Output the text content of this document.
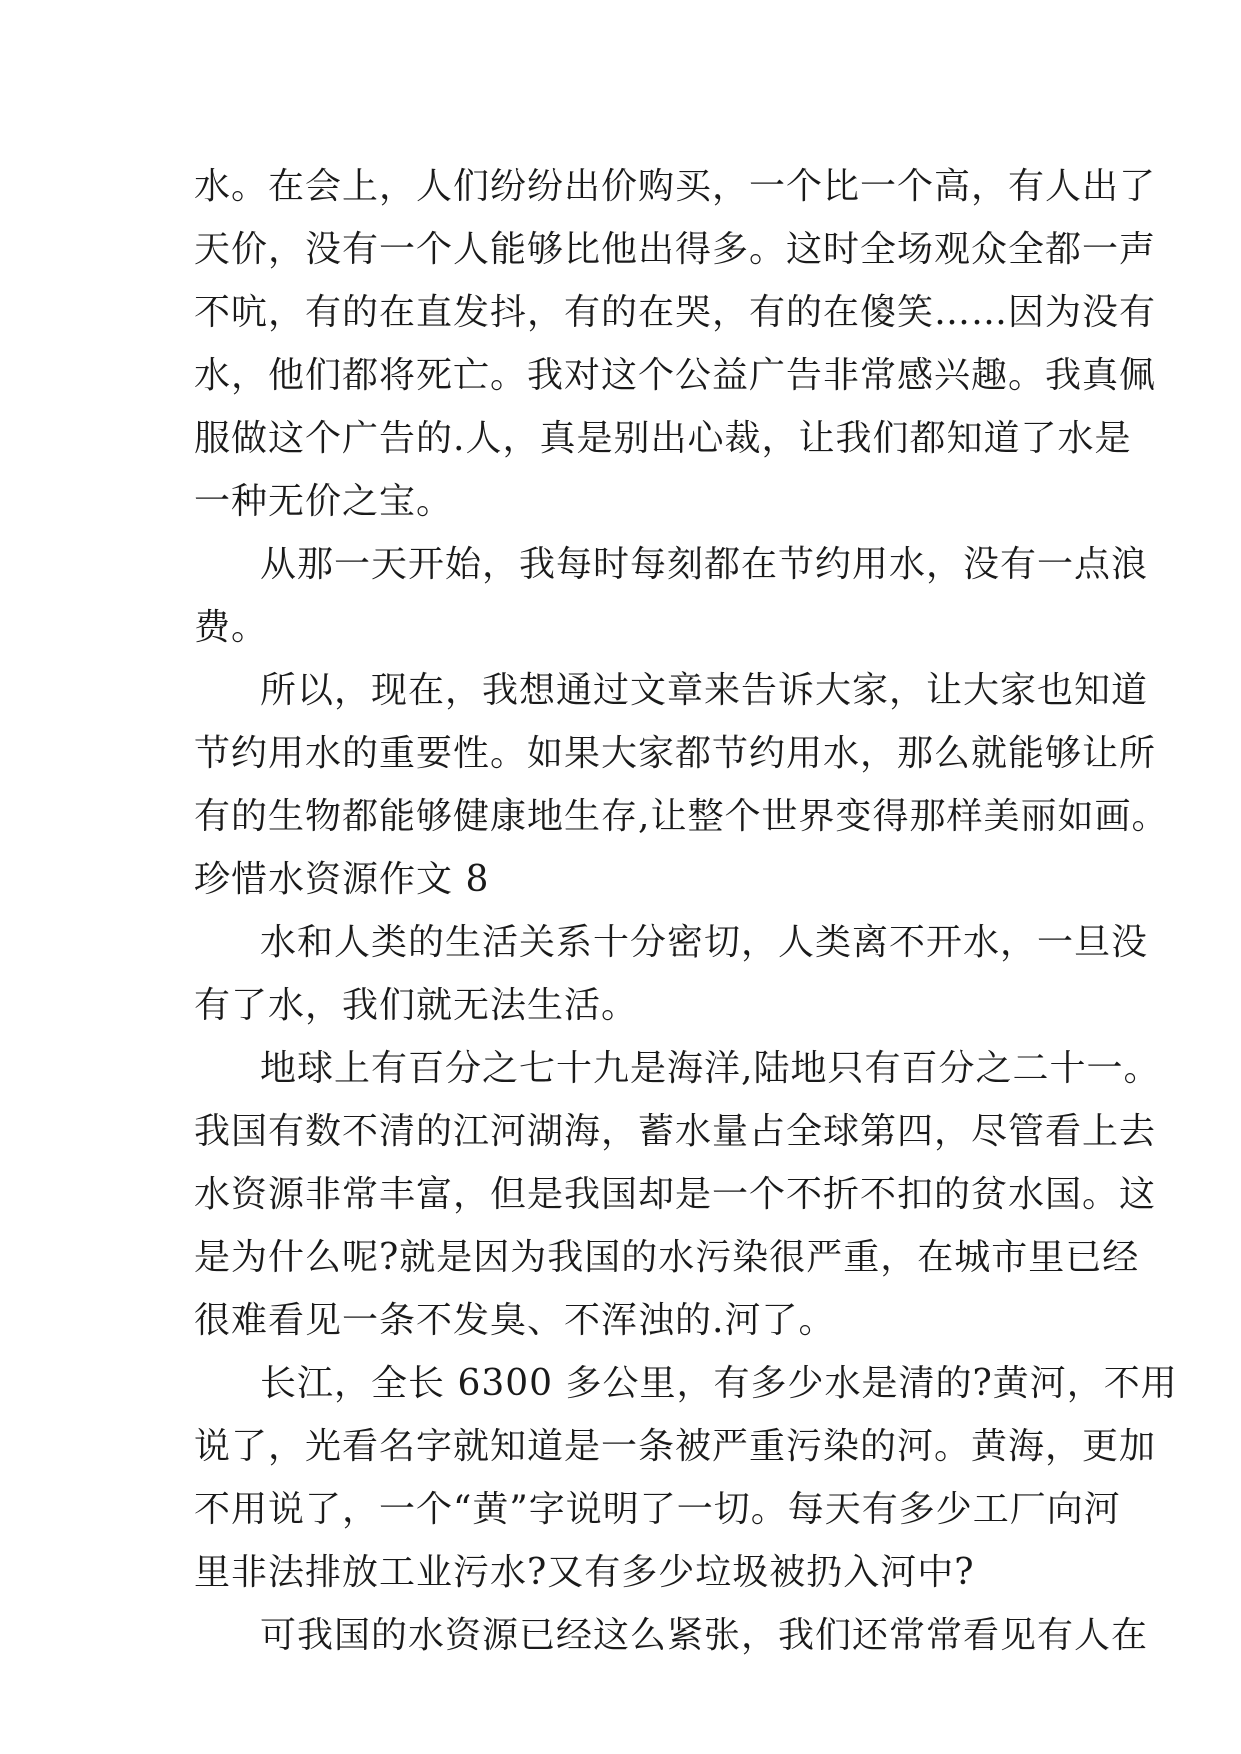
水。在会上，人们纷纷出价购买，一个比一个高，有人出了
天价，没有一个人能够比他出得多。这时全场观众全都一声
不吭，有的在直发抖，有的在哭，有的在傻笑……因为没有
水，他们都将死亡。我对这个公益广告非常感兴趣。我真佩
服做这个广告的.人，真是别出心裁，让我们都知道了水是
一种无价之宝。
从那一天开始，我每时每刻都在节约用水，没有一点浪
费。
所以，现在，我想通过文章来告诉大家，让大家也知道
节约用水的重要性。如果大家都节约用水，那么就能够让所
有的生物都能够健康地生存,让整个世界变得那样美丽如画。
珍惜水资源作文 8
水和人类的生活关系十分密切，人类离不开水，一旦没
有了水，我们就无法生活。
地球上有百分之七十九是海洋,陆地只有百分之二十一。
我国有数不清的江河湖海，蓄水量占全球第四，尽管看上去
水资源非常丰富，但是我国却是一个不折不扣的贫水国。这
是为什么呢?就是因为我国的水污染很严重，在城市里已经
很难看见一条不发臭、不浑浊的.河了。
长江，全长 6300 多公里，有多少水是清的?黄河，不用
说了，光看名字就知道是一条被严重污染的河。黄海，更加
不用说了，一个“黄”字说明了一切。每天有多少工厂向河
里非法排放工业污水?又有多少垃圾被扔入河中?
可我国的水资源已经这么紧张，我们还常常看见有人在
